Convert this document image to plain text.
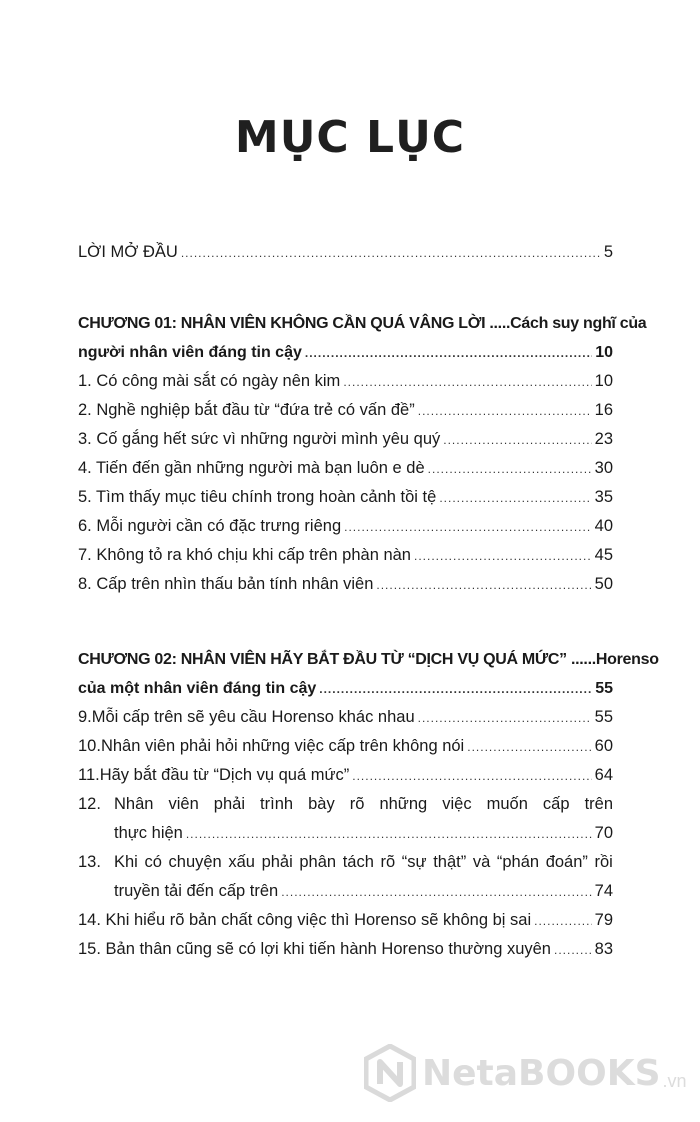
MỤC LỤC
LỜI MỞ ĐẦU .....	5
CHƯƠNG 01: NHÂN VIÊN KHÔNG CẦN QUÁ VÂNG LỜI .....Cách suy nghĩ của
người nhân viên đáng tin cậy .....	10
1. Có công mài sắt có ngày nên kim .....	10
2. Nghề nghiệp bắt đầu từ “đứa trẻ có vấn đề” .....	16
3. Cố gắng hết sức vì những người mình yêu quý .....	23
4. Tiến đến gần những người mà bạn luôn e dè .....	30
5. Tìm thấy mục tiêu chính trong hoàn cảnh tồi tệ .....	35
6. Mỗi người cần có đặc trưng riêng .....	40
7. Không tỏ ra khó chịu khi cấp trên phàn nàn .....	45
8. Cấp trên nhìn thấu bản tính nhân viên .....	50
CHƯƠNG 02: NHÂN VIÊN HÃY BẮT ĐẦU TỪ “DỊCH VỤ QUÁ MỨC” ......Horenso
của một nhân viên đáng tin cậy .....	55
9. Mỗi cấp trên sẽ yêu cầu Horenso khác nhau .....	55
10. Nhân viên phải hỏi những việc cấp trên không nói .....	60
11. Hãy bắt đầu từ “Dịch vụ quá mức” .....	64
12. Nhân viên phải trình bày rõ những việc muốn cấp trên
thực hiện .....	70
13. Khi có chuyện xấu phải phân tách rõ “sự thật” và “phán đoán” rồi
truyền tải đến cấp trên .....	74
14. Khi hiểu rõ bản chất công việc thì Horenso sẽ không bị sai .....	79
15. Bản thân cũng sẽ có lợi khi tiến hành Horenso thường xuyên .....	83
NetaBOOKS .vn
